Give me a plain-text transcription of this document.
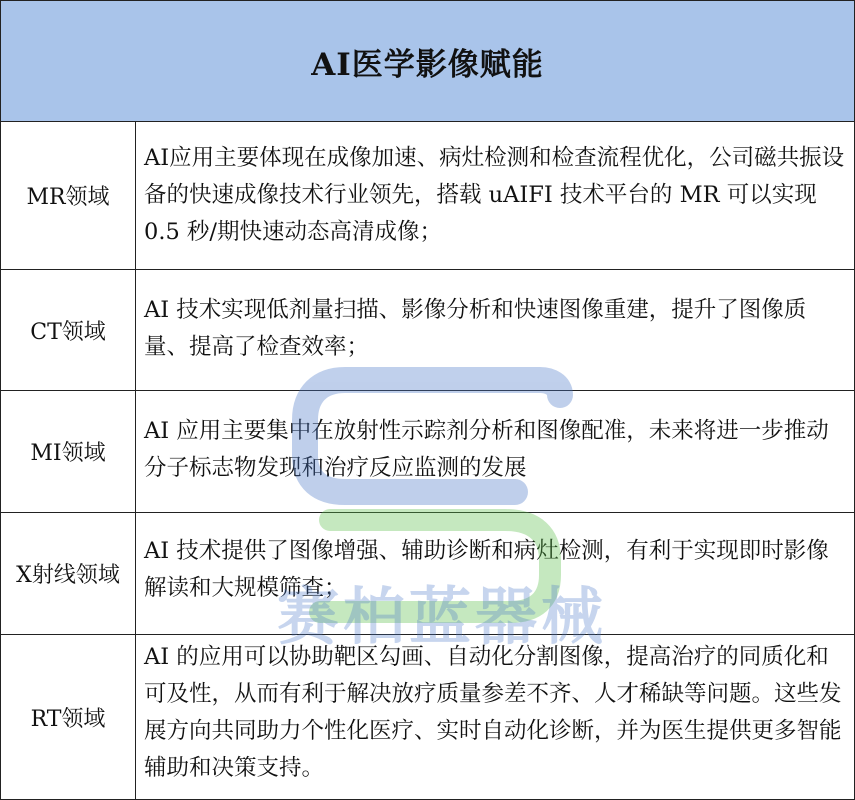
AI医学影像赋能
MR领域
AI应用主要体现在成像加速、病灶检测和检查流程优化，公司磁共振设备的快速成像技术行业领先，搭载 uAIFI 技术平台的 MR 可以实现 0.5 秒/期快速动态高清成像；
CT领域
AI 技术实现低剂量扫描、影像分析和快速图像重建，提升了图像质量、提高了检查效率；
MI领域
AI 应用主要集中在放射性示踪剂分析和图像配准，未来将进一步推动分子标志物发现和治疗反应监测的发展
X射线领域
AI 技术提供了图像增强、辅助诊断和病灶检测，有利于实现即时影像解读和大规模筛查；
RT领域
AI 的应用可以协助靶区勾画、自动化分割图像，提高治疗的同质化和可及性，从而有利于解决放疗质量参差不齐、人才稀缺等问题。这些发展方向共同助力个性化医疗、实时自动化诊断，并为医生提供更多智能辅助和决策支持。
赛柏蓝器械
